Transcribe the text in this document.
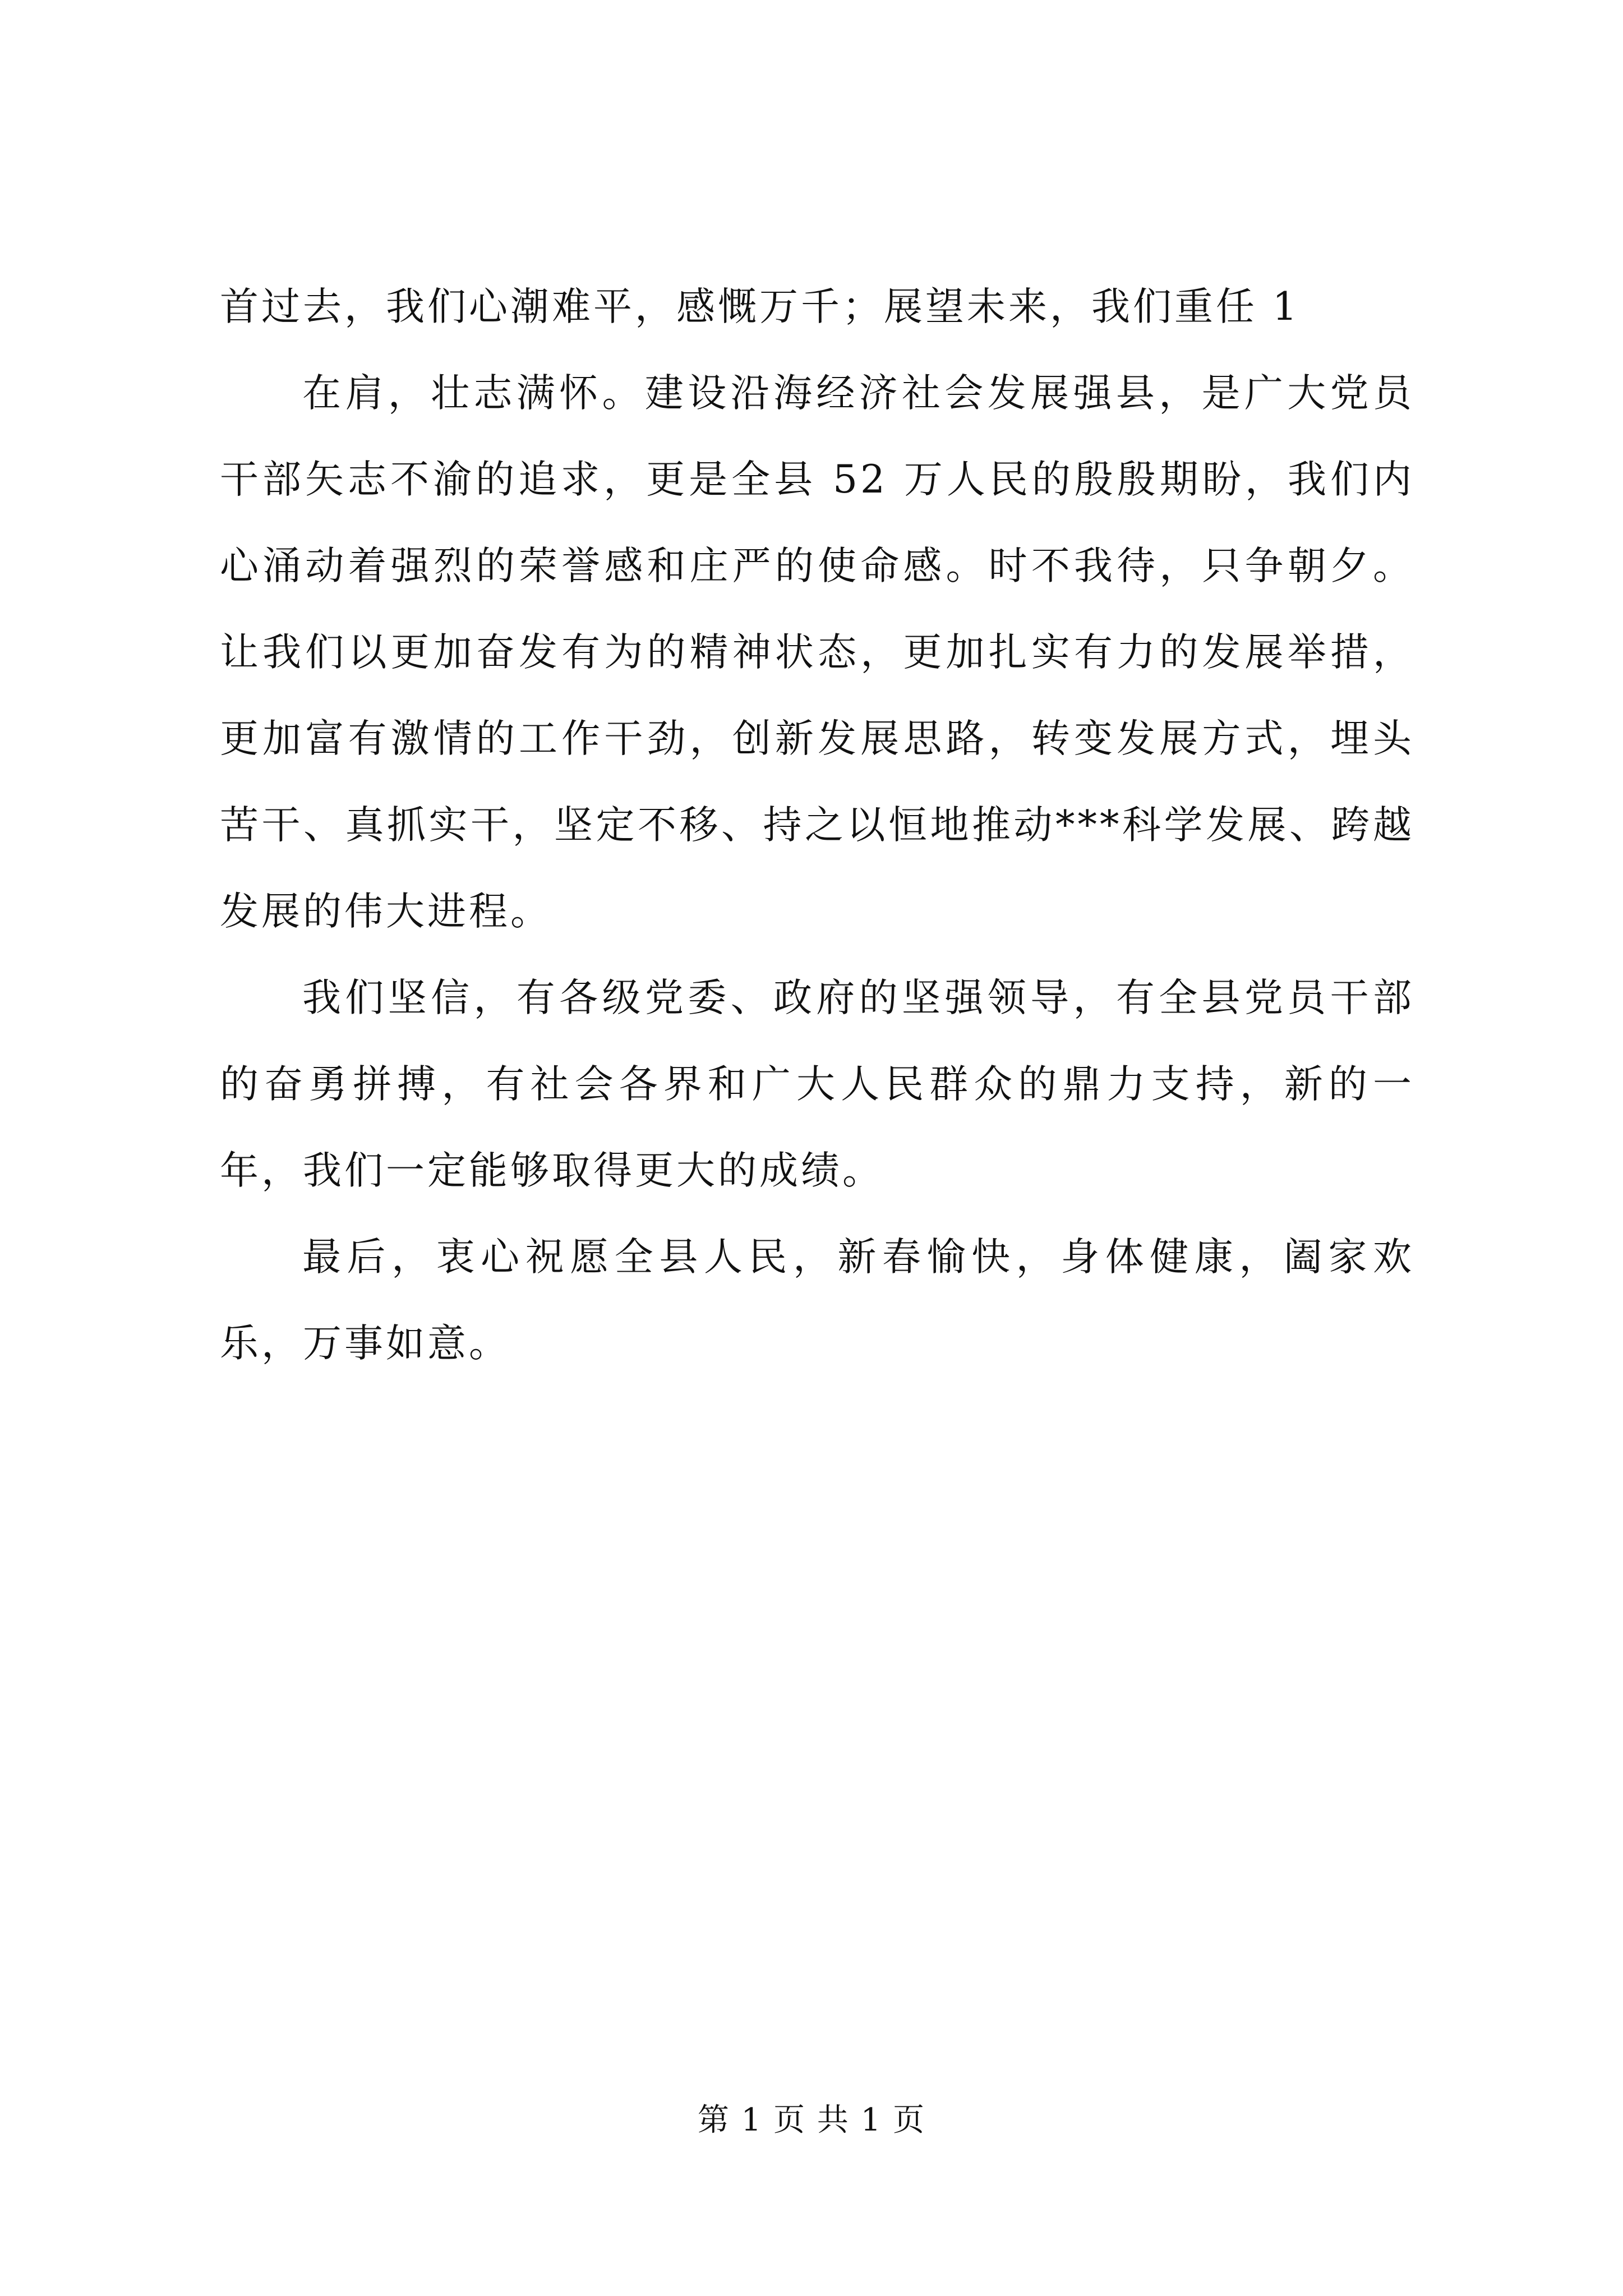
首过去，我们心潮难平，感慨万千；展望未来，我们重任 1

在肩，壮志满怀。建设沿海经济社会发展强县，是广大党员干部矢志不渝的追求，更是全县 52 万人民的殷殷期盼，我们内心涌动着强烈的荣誉感和庄严的使命感。时不我待，只争朝夕。让我们以更加奋发有为的精神状态，更加扎实有力的发展举措，更加富有激情的工作干劲，创新发展思路，转变发展方式，埋头苦干、真抓实干，坚定不移、持之以恒地推动***科学发展、跨越发展的伟大进程。

我们坚信，有各级党委、政府的坚强领导，有全县党员干部的奋勇拼搏，有社会各界和广大人民群众的鼎力支持，新的一年，我们一定能够取得更大的成绩。

最后，衷心祝愿全县人民，新春愉快，身体健康，阖家欢乐，万事如意。

第 1 页 共 1 页
